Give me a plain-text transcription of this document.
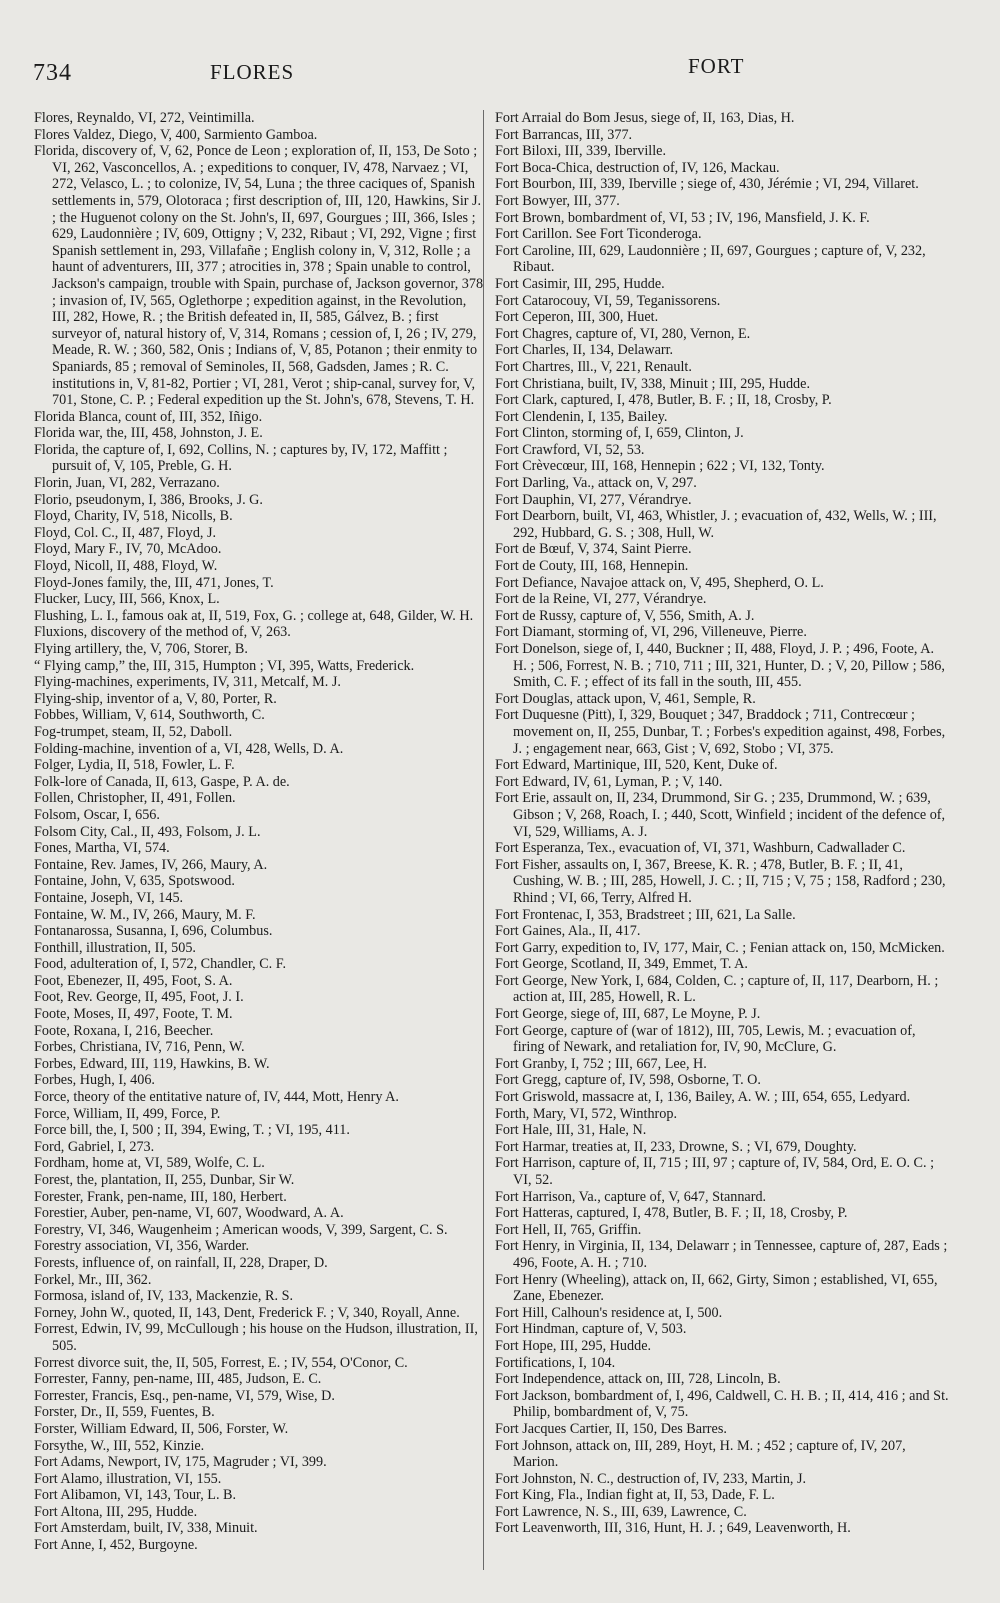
734	FLORES	FORT

Flores, Reynaldo, VI, 272, Veintimilla.

Flores Valdez, Diego, V, 400, Sarmiento Gamboa.

Florida, discovery of, V, 62, Ponce de Leon ; exploration of, II, 153, De Soto ; VI, 262, Vasconcellos, A. ; expeditions to conquer, IV, 478, Narvaez ; VI, 272, Velasco, L. ; to colonize, IV, 54, Luna ; the three caciques of, Spanish settlements in, 579, Olotoraca ; first description of, III, 120, Hawkins, Sir J. ; the Huguenot colony on the St. John's, II, 697, Gourgues ; III, 366, Isles ; 629, Laudonnière ; IV, 609, Ottigny ; V, 232, Ribaut ; VI, 292, Vigne ; first Spanish settlement in, 293, Villafañe ; English colony in, V, 312, Rolle ; a haunt of adventurers, III, 377 ; atrocities in, 378 ; Spain unable to control, Jackson's campaign, trouble with Spain, purchase of, Jackson governor, 378 ; invasion of, IV, 565, Oglethorpe ; expedition against, in the Revolution, III, 282, Howe, R. ; the British defeated in, II, 585, Gálvez, B. ; first surveyor of, natural history of, V, 314, Romans ; cession of, I, 26 ; IV, 279, Meade, R. W. ; 360, 582, Onis ; Indians of, V, 85, Potanon ; their enmity to Spaniards, 85 ; removal of Seminoles, II, 568, Gadsden, James ; R. C. institutions in, V, 81-82, Portier ; VI, 281, Verot ; ship-canal, survey for, V, 701, Stone, C. P. ; Federal expedition up the St. John's, 678, Stevens, T. H.

Florida Blanca, count of, III, 352, Iñigo.

Florida war, the, III, 458, Johnston, J. E.

Florida, the capture of, I, 692, Collins, N. ; captures by, IV, 172, Maffitt ; pursuit of, V, 105, Preble, G. H.

Florin, Juan, VI, 282, Verrazano.

Florio, pseudonym, I, 386, Brooks, J. G.

Floyd, Charity, IV, 518, Nicolls, B.

Floyd, Col. C., II, 487, Floyd, J.

Floyd, Mary F., IV, 70, McAdoo.

Floyd, Nicoll, II, 488, Floyd, W.

Floyd-Jones family, the, III, 471, Jones, T.

Flucker, Lucy, III, 566, Knox, L.

Flushing, L. I., famous oak at, II, 519, Fox, G. ; college at, 648, Gilder, W. H.

Fluxions, discovery of the method of, V, 263.

Flying artillery, the, V, 706, Storer, B.

“ Flying camp,” the, III, 315, Humpton ; VI, 395, Watts, Frederick.

Flying-machines, experiments, IV, 311, Metcalf, M. J.

Flying-ship, inventor of a, V, 80, Porter, R.

Fobbes, William, V, 614, Southworth, C.

Fog-trumpet, steam, II, 52, Daboll.

Folding-machine, invention of a, VI, 428, Wells, D. A.

Folger, Lydia, II, 518, Fowler, L. F.

Folk-lore of Canada, II, 613, Gaspe, P. A. de.

Follen, Christopher, II, 491, Follen.

Folsom, Oscar, I, 656.

Folsom City, Cal., II, 493, Folsom, J. L.

Fones, Martha, VI, 574.

Fontaine, Rev. James, IV, 266, Maury, A.

Fontaine, John, V, 635, Spotswood.

Fontaine, Joseph, VI, 145.

Fontaine, W. M., IV, 266, Maury, M. F.

Fontanarossa, Susanna, I, 696, Columbus.

Fonthill, illustration, II, 505.

Food, adulteration of, I, 572, Chandler, C. F.

Foot, Ebenezer, II, 495, Foot, S. A.

Foot, Rev. George, II, 495, Foot, J. I.

Foote, Moses, II, 497, Foote, T. M.

Foote, Roxana, I, 216, Beecher.

Forbes, Christiana, IV, 716, Penn, W.

Forbes, Edward, III, 119, Hawkins, B. W.

Forbes, Hugh, I, 406.

Force, theory of the entitative nature of, IV, 444, Mott, Henry A.

Force, William, II, 499, Force, P.

Force bill, the, I, 500 ; II, 394, Ewing, T. ; VI, 195, 411.

Ford, Gabriel, I, 273.

Fordham, home at, VI, 589, Wolfe, C. L.

Forest, the, plantation, II, 255, Dunbar, Sir W.

Forester, Frank, pen-name, III, 180, Herbert.

Forestier, Auber, pen-name, VI, 607, Woodward, A. A.

Forestry, VI, 346, Waugenheim ; American woods, V, 399, Sargent, C. S.

Forestry association, VI, 356, Warder.

Forests, influence of, on rainfall, II, 228, Draper, D.

Forkel, Mr., III, 362.

Formosa, island of, IV, 133, Mackenzie, R. S.

Forney, John W., quoted, II, 143, Dent, Frederick F. ; V, 340, Royall, Anne.

Forrest, Edwin, IV, 99, McCullough ; his house on the Hudson, illustration, II, 505.

Forrest divorce suit, the, II, 505, Forrest, E. ; IV, 554, O'Conor, C.

Forrester, Fanny, pen-name, III, 485, Judson, E. C.

Forrester, Francis, Esq., pen-name, VI, 579, Wise, D.

Forster, Dr., II, 559, Fuentes, B.

Forster, William Edward, II, 506, Forster, W.

Forsythe, W., III, 552, Kinzie.

Fort Adams, Newport, IV, 175, Magruder ; VI, 399.

Fort Alamo, illustration, VI, 155.

Fort Alibamon, VI, 143, Tour, L. B.

Fort Altona, III, 295, Hudde.

Fort Amsterdam, built, IV, 338, Minuit.

Fort Anne, I, 452, Burgoyne.

Fort Arraial do Bom Jesus, siege of, II, 163, Dias, H.

Fort Barrancas, III, 377.

Fort Biloxi, III, 339, Iberville.

Fort Boca-Chica, destruction of, IV, 126, Mackau.

Fort Bourbon, III, 339, Iberville ; siege of, 430, Jérémie ; VI, 294, Villaret.

Fort Bowyer, III, 377.

Fort Brown, bombardment of, VI, 53 ; IV, 196, Mansfield, J. K. F.

Fort Carillon. See Fort Ticonderoga.

Fort Caroline, III, 629, Laudonnière ; II, 697, Gourgues ; capture of, V, 232, Ribaut.

Fort Casimir, III, 295, Hudde.

Fort Catarocouy, VI, 59, Teganissorens.

Fort Ceperon, III, 300, Huet.

Fort Chagres, capture of, VI, 280, Vernon, E.

Fort Charles, II, 134, Delawarr.

Fort Chartres, Ill., V, 221, Renault.

Fort Christiana, built, IV, 338, Minuit ; III, 295, Hudde.

Fort Clark, captured, I, 478, Butler, B. F. ; II, 18, Crosby, P.

Fort Clendenin, I, 135, Bailey.

Fort Clinton, storming of, I, 659, Clinton, J.

Fort Crawford, VI, 52, 53.

Fort Crèvecœur, III, 168, Hennepin ; 622 ; VI, 132, Tonty.

Fort Darling, Va., attack on, V, 297.

Fort Dauphin, VI, 277, Vérandrye.

Fort Dearborn, built, VI, 463, Whistler, J. ; evacuation of, 432, Wells, W. ; III, 292, Hubbard, G. S. ; 308, Hull, W.

Fort de Bœuf, V, 374, Saint Pierre.

Fort de Couty, III, 168, Hennepin.

Fort Defiance, Navajoe attack on, V, 495, Shepherd, O. L.

Fort de la Reine, VI, 277, Vérandrye.

Fort de Russy, capture of, V, 556, Smith, A. J.

Fort Diamant, storming of, VI, 296, Villeneuve, Pierre.

Fort Donelson, siege of, I, 440, Buckner ; II, 488, Floyd, J. P. ; 496, Foote, A. H. ; 506, Forrest, N. B. ; 710, 711 ; III, 321, Hunter, D. ; V, 20, Pillow ; 586, Smith, C. F. ; effect of its fall in the south, III, 455.

Fort Douglas, attack upon, V, 461, Semple, R.

Fort Duquesne (Pitt), I, 329, Bouquet ; 347, Braddock ; 711, Contrecœur ; movement on, II, 255, Dunbar, T. ; Forbes's expedition against, 498, Forbes, J. ; engagement near, 663, Gist ; V, 692, Stobo ; VI, 375.

Fort Edward, Martinique, III, 520, Kent, Duke of.

Fort Edward, IV, 61, Lyman, P. ; V, 140.

Fort Erie, assault on, II, 234, Drummond, Sir G. ; 235, Drummond, W. ; 639, Gibson ; V, 268, Roach, I. ; 440, Scott, Winfield ; incident of the defence of, VI, 529, Williams, A. J.

Fort Esperanza, Tex., evacuation of, VI, 371, Washburn, Cadwallader C.

Fort Fisher, assaults on, I, 367, Breese, K. R. ; 478, Butler, B. F. ; II, 41, Cushing, W. B. ; III, 285, Howell, J. C. ; II, 715 ; V, 75 ; 158, Radford ; 230, Rhind ; VI, 66, Terry, Alfred H.

Fort Frontenac, I, 353, Bradstreet ; III, 621, La Salle.

Fort Gaines, Ala., II, 417.

Fort Garry, expedition to, IV, 177, Mair, C. ; Fenian attack on, 150, McMicken.

Fort George, Scotland, II, 349, Emmet, T. A.

Fort George, New York, I, 684, Colden, C. ; capture of, II, 117, Dearborn, H. ; action at, III, 285, Howell, R. L.

Fort George, siege of, III, 687, Le Moyne, P. J.

Fort George, capture of (war of 1812), III, 705, Lewis, M. ; evacuation of, firing of Newark, and retaliation for, IV, 90, McClure, G.

Fort Granby, I, 752 ; III, 667, Lee, H.

Fort Gregg, capture of, IV, 598, Osborne, T. O.

Fort Griswold, massacre at, I, 136, Bailey, A. W. ; III, 654, 655, Ledyard.

Forth, Mary, VI, 572, Winthrop.

Fort Hale, III, 31, Hale, N.

Fort Harmar, treaties at, II, 233, Drowne, S. ; VI, 679, Doughty.

Fort Harrison, capture of, II, 715 ; III, 97 ; capture of, IV, 584, Ord, E. O. C. ; VI, 52.

Fort Harrison, Va., capture of, V, 647, Stannard.

Fort Hatteras, captured, I, 478, Butler, B. F. ; II, 18, Crosby, P.

Fort Hell, II, 765, Griffin.

Fort Henry, in Virginia, II, 134, Delawarr ; in Tennessee, capture of, 287, Eads ; 496, Foote, A. H. ; 710.

Fort Henry (Wheeling), attack on, II, 662, Girty, Simon ; established, VI, 655, Zane, Ebenezer.

Fort Hill, Calhoun's residence at, I, 500.

Fort Hindman, capture of, V, 503.

Fort Hope, III, 295, Hudde.

Fortifications, I, 104.

Fort Independence, attack on, III, 728, Lincoln, B.

Fort Jackson, bombardment of, I, 496, Caldwell, C. H. B. ; II, 414, 416 ; and St. Philip, bombardment of, V, 75.

Fort Jacques Cartier, II, 150, Des Barres.

Fort Johnson, attack on, III, 289, Hoyt, H. M. ; 452 ; capture of, IV, 207, Marion.

Fort Johnston, N. C., destruction of, IV, 233, Martin, J.

Fort King, Fla., Indian fight at, II, 53, Dade, F. L.

Fort Lawrence, N. S., III, 639, Lawrence, C.

Fort Leavenworth, III, 316, Hunt, H. J. ; 649, Leavenworth, H.
